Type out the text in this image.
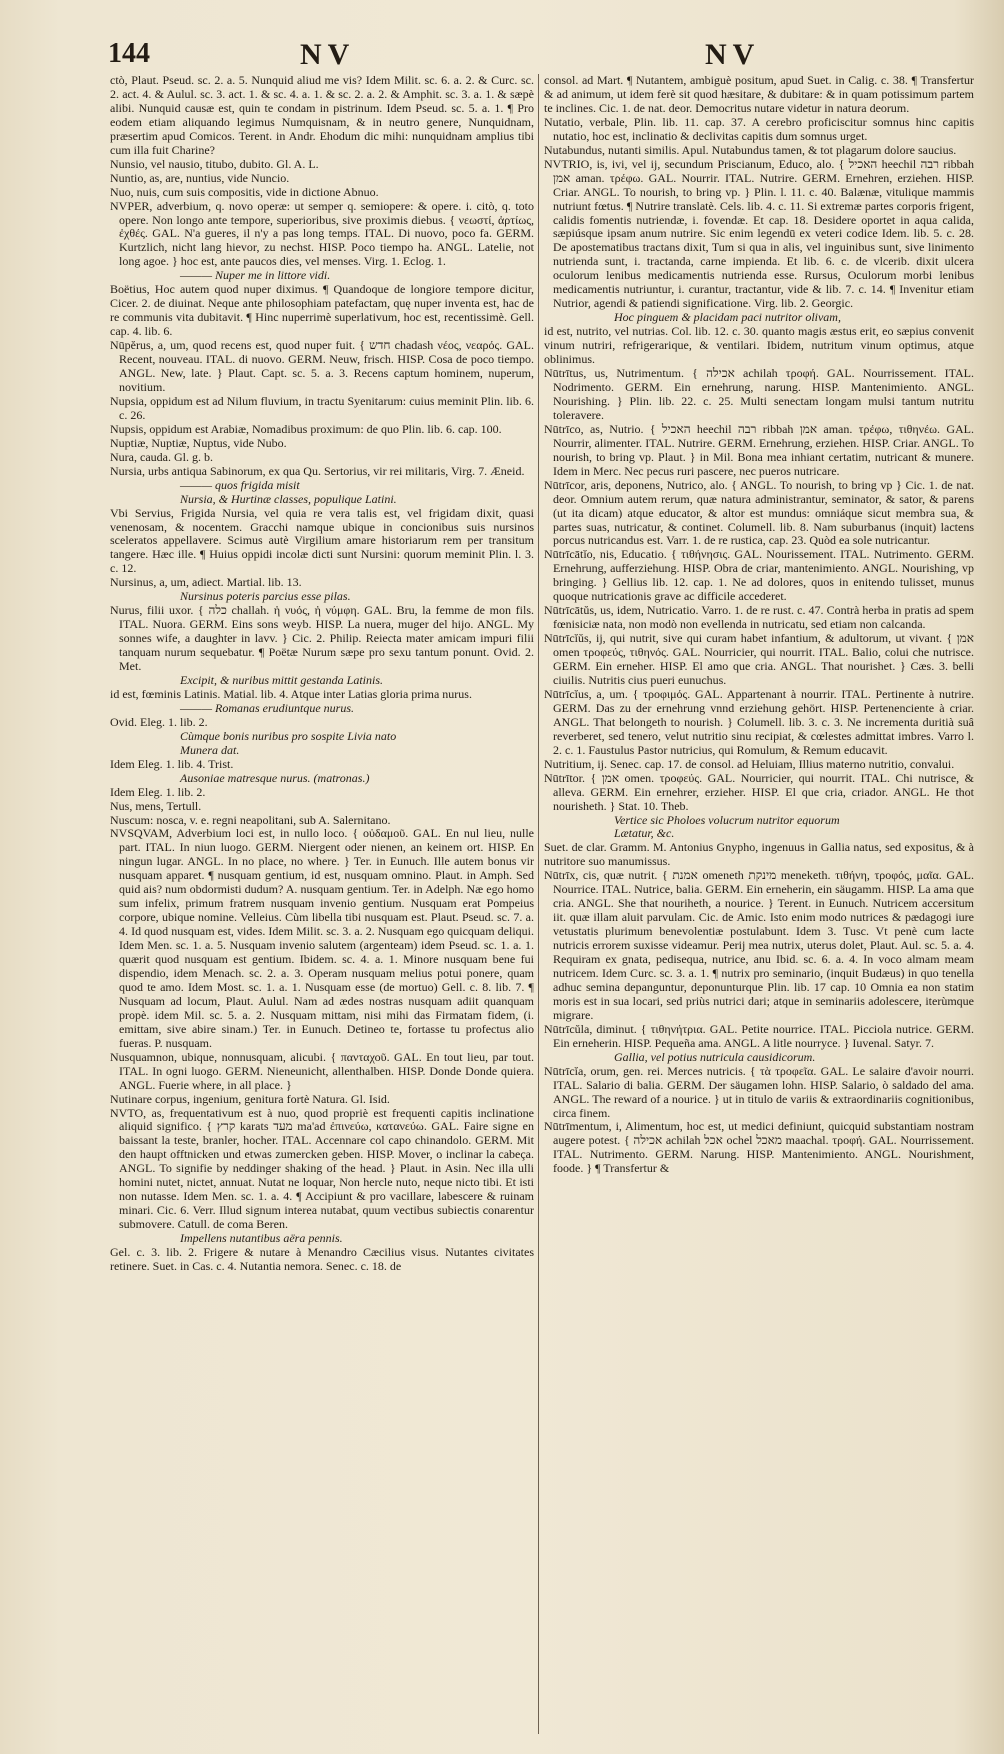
144	NV	NV

ctò, Plaut. Pseud. sc. 2. a. 5. Nunquid aliud me vis? Idem Milit. sc. 6. a. 2. & Curc. sc. 2. act. 4. & Aulul. sc. 3. act. 1. & sc. 4. a. 1. & sc. 2. a. 2. & Amphit. sc. 3. a. 1. & sæpè alibi. Nunquid causæ est, quin te condam in pistrinum. Idem Pseud. sc. 5. a. 1. ¶ Pro eodem etiam aliquando legimus Numquisnam, & in neutro genere, Nunquidnam, præsertim apud Comicos. Terent. in Andr. Ehodum dic mihi: nunquidnam amplius tibi cum illa fuit Charine?

Nunsio, vel nausio, titubo, dubito. Gl. A. L.

Nuntio, as, are, nuntius, vide Nuncio.

Nuo, nuis, cum suis compositis, vide in dictione Abnuo.

NVPER, adverbium, q. novo operæ: ut semper q. semiopere: & opere. i. citò, q. toto opere. Non longo ante tempore, superioribus, sive proximis diebus. { νεωστί, ἀρτίως, ἐχθές. GAL. N'a gueres, il n'y a pas long temps. ITAL. Di nuovo, poco fa. GERM. Kurtzlich, nicht lang hievor, zu nechst. HISP. Poco tiempo ha. ANGL. Latelie, not long agoe. } hoc est, ante paucos dies, vel menses. Virg. 1. Eclog. 1.

——— Nuper me in littore vidi.

Boëtius, Hoc autem quod nuper diximus. ¶ Quandoque de longiore tempore dicitur, Cicer. 2. de diuinat. Neque ante philosophiam patefactam, quę nuper inventa est, hac de re communis vita dubitavit. ¶ Hinc nuperrimè superlativum, hoc est, recentissimè. Gell. cap. 4. lib. 6.

Nūpĕrus, a, um, quod recens est, quod nuper fuit. { חדש chadash νέος, νεαρός. GAL. Recent, nouveau. ITAL. di nuovo. GERM. Neuw, frisch. HISP. Cosa de poco tiempo. ANGL. New, late. } Plaut. Capt. sc. 5. a. 3. Recens captum hominem, nuperum, novitium.

Nupsia, oppidum est ad Nilum fluvium, in tractu Syenitarum: cuius meminit Plin. lib. 6. c. 26.

Nupsis, oppidum est Arabiæ, Nomadibus proximum: de quo Plin. lib. 6. cap. 100.

Nuptiæ, Nuptiæ, Nuptus, vide Nubo.

Nura, cauda. Gl. g. b.

Nursia, urbs antiqua Sabinorum, ex qua Qu. Sertorius, vir rei militaris, Virg. 7. Æneid.

——— quos frigida misit

Nursia, & Hurtinæ classes, populique Latini.

Vbi Servius, Frigida Nursia, vel quia re vera talis est, vel frigidam dixit, quasi venenosam, & nocentem. Gracchi namque ubique in concionibus suis nursinos sceleratos appellavere. Scimus autè Virgilium amare historiarum rem per transitum tangere. Hæc ille. ¶ Huius oppidi incolæ dicti sunt Nursini: quorum meminit Plin. l. 3. c. 12.

Nursinus, a, um, adiect. Martial. lib. 13.

Nursinus poteris parcius esse pilas.

Nurus, filii uxor. { כלה challah. ἡ νυός, ἡ νύμφη. GAL. Bru, la femme de mon fils. ITAL. Nuora. GERM. Eins sons weyb. HISP. La nuera, muger del hijo. ANGL. My sonnes wife, a daughter in lavv. } Cic. 2. Philip. Reiecta mater amicam impuri filii tanquam nurum sequebatur. ¶ Poëtæ Nurum sæpe pro sexu tantum ponunt. Ovid. 2. Met.

Excipit, & nuribus mittit gestanda Latinis.

id est, fœminis Latinis. Matial. lib. 4. Atque inter Latias gloria prima nurus.

——— Romanas erudiuntque nurus.

Ovid. Eleg. 1. lib. 2.

Cùmque bonis nuribus pro sospite Livia nato

Munera dat.

Idem Eleg. 1. lib. 4. Trist.

Ausoniae matresque nurus. (matronas.)

Idem Eleg. 1. lib. 2.

Nus, mens, Tertull.

Nuscum: nosca, v. e. regni neapolitani, sub A. Salernitano.

NVSQVAM, Adverbium loci est, in nullo loco. { οὐδαμοῦ. GAL. En nul lieu, nulle part. ITAL. In niun luogo. GERM. Niergent oder nienen, an keinem ort. HISP. En ningun lugar. ANGL. In no place, no where. } Ter. in Eunuch. Ille autem bonus vir nusquam apparet. ¶ nusquam gentium, id est, nusquam omnino. Plaut. in Amph. Sed quid ais? num obdormisti dudum? A. nusquam gentium. Ter. in Adelph. Næ ego homo sum infelix, primum fratrem nusquam invenio gentium. Nusquam erat Pompeius corpore, ubique nomine. Velleius. Cùm libella tibi nusquam est. Plaut. Pseud. sc. 7. a. 4. Id quod nusquam est, vides. Idem Milit. sc. 3. a. 2. Nusquam ego quicquam deliqui. Idem Men. sc. 1. a. 5. Nusquam invenio salutem (argenteam) idem Pseud. sc. 1. a. 1. quærit quod nusquam est gentium. Ibidem. sc. 4. a. 1. Minore nusquam bene fui dispendio, idem Menach. sc. 2. a. 3. Operam nusquam melius potui ponere, quam quod te amo. Idem Most. sc. 1. a. 1. Nusquam esse (de mortuo) Gell. c. 8. lib. 7. ¶ Nusquam ad locum, Plaut. Aulul. Nam ad ædes nostras nusquam adiit quanquam propè. idem Mil. sc. 5. a. 2. Nusquam mittam, nisi mihi das Firmatam fidem, (i. emittam, sive abire sinam.) Ter. in Eunuch. Detineo te, fortasse tu profectus alio fueras. P. nusquam.

Nusquamnon, ubique, nonnusquam, alicubi. { πανταχοῦ. GAL. En tout lieu, par tout. ITAL. In ogni luogo. GERM. Nieneunicht, allenthalben. HISP. Donde Donde quiera. ANGL. Fuerie where, in all place. }

Nutinare corpus, ingenium, genitura fortè Natura. Gl. Isid.

NVTO, as, frequentativum est à nuo, quod propriè est frequenti capitis inclinatione aliquid significo. { קרץ karats מעד ma'ad ἐπινεύω, κατανεύω. GAL. Faire signe en baissant la teste, branler, hocher. ITAL. Accennare col capo chinandolo. GERM. Mit den haupt offtnicken und etwas zumercken geben. HISP. Mover, o inclinar la cabeça. ANGL. To signifie by neddinger shaking of the head. } Plaut. in Asin. Nec illa ulli homini nutet, nictet, annuat. Nutat ne loquar, Non hercle nuto, neque nicto tibi. Et isti non nutasse. Idem Men. sc. 1. a. 4. ¶ Accipiunt & pro vacillare, labescere & ruinam minari. Cic. 6. Verr. Illud signum interea nutabat, quum vectibus subiectis conarentur submovere. Catull. de coma Beren.

Impellens nutantibus aëra pennis.

Gel. c. 3. lib. 2. Frigere & nutare à Menandro Cæcilius visus. Nutantes civitates retinere. Suet. in Cas. c. 4. Nutantia nemora. Senec. c. 18. de

consol. ad Mart. ¶ Nutantem, ambiguè positum, apud Suet. in Calig. c. 38. ¶ Transfertur & ad animum, ut idem ferè sit quod hæsitare, & dubitare: & in quam potissimum partem te inclines. Cic. 1. de nat. deor. Democritus nutare videtur in natura deorum.

Nutatio, verbale, Plin. lib. 11. cap. 37. A cerebro proficiscitur somnus hinc capitis nutatio, hoc est, inclinatio & declivitas capitis dum somnus urget.

Nutabundus, nutanti similis. Apul. Nutabundus tamen, & tot plagarum dolore saucius.

NVTRIO, is, ivi, vel ij, secundum Priscianum, Educo, alo. { האכיל heechil רבה ribbah אמן aman. τρέφω. GAL. Nourrir. ITAL. Nutrire. GERM. Ernehren, erziehen. HISP. Criar. ANGL. To nourish, to bring vp. } Plin. l. 11. c. 40. Balænæ, vitulique mammis nutriunt fœtus. ¶ Nutrire translatè. Cels. lib. 4. c. 11. Si extremæ partes corporis frigent, calidis fomentis nutriendæ, i. fovendæ. Et cap. 18. Desidere oportet in aqua calida, sæpiúsque ipsam anum nutrire. Sic enim legendū ex veteri codice Idem. lib. 5. c. 28. De apostematibus tractans dixit, Tum si qua in alis, vel inguinibus sunt, sive linimento nutrienda sunt, i. tractanda, carne impienda. Et lib. 6. c. de vlcerib. dixit ulcera oculorum lenibus medicamentis nutrienda esse. Rursus, Oculorum morbi lenibus medicamentis nutriuntur, i. curantur, tractantur, vide & lib. 7. c. 14. ¶ Invenitur etiam Nutrior, agendi & patiendi significatione. Virg. lib. 2. Georgic.

Hoc pinguem & placidam paci nutritor olivam,

id est, nutrito, vel nutrias. Col. lib. 12. c. 30. quanto magis æstus erit, eo sæpius convenit vinum nutriri, refrigerarique, & ventilari. Ibidem, nutritum vinum optimus, atque oblinimus.

Nūtrītus, us, Nutrimentum. { אכילה achilah τροφή. GAL. Nourrissement. ITAL. Nodrimento. GERM. Ein ernehrung, narung. HISP. Mantenimiento. ANGL. Nourishing. } Plin. lib. 22. c. 25. Multi senectam longam mulsi tantum nutritu toleravere.

Nūtrīco, as, Nutrio. { האכיל heechil רבה ribbah אמן aman. τρέφω, τιθηνέω. GAL. Nourrir, alimenter. ITAL. Nutrire. GERM. Ernehrung, erziehen. HISP. Criar. ANGL. To nourish, to bring vp. Plaut. } in Mil. Bona mea inhiant certatim, nutricant & munere. Idem in Merc. Nec pecus ruri pascere, nec pueros nutricare.

Nūtrīcor, aris, deponens, Nutrico, alo. { ANGL. To nourish, to bring vp } Cic. 1. de nat. deor. Omnium autem rerum, quæ natura administrantur, seminator, & sator, & parens (ut ita dicam) atque educator, & altor est mundus: omniáque sicut membra sua, & partes suas, nutricatur, & continet. Columell. lib. 8. Nam suburbanus (inquit) lactens porcus nutricandus est. Varr. 1. de re rustica, cap. 23. Quòd ea sole nutricantur.

Nūtrīcātĭo, nis, Educatio. { τιθήνησις. GAL. Nourissement. ITAL. Nutrimento. GERM. Ernehrung, aufferziehung. HISP. Obra de criar, mantenimiento. ANGL. Nourishing, vp bringing. } Gellius lib. 12. cap. 1. Ne ad dolores, quos in enitendo tulisset, munus quoque nutricationis grave ac difficile accederet.

Nūtrīcātŭs, us, idem, Nutricatio. Varro. 1. de re rust. c. 47. Contrà herba in pratis ad spem fœnisiciæ nata, non modò non evellenda in nutricatu, sed etiam non calcanda.

Nūtrīcĭŭs, ij, qui nutrit, sive qui curam habet infantium, & adultorum, ut vivant. { אמן omen τροφεύς, τιθηνός. GAL. Nourricier, qui nourrit. ITAL. Balio, colui che nutrisce. GERM. Ein erneher. HISP. El amo que cria. ANGL. That nourishet. } Cæs. 3. belli ciuilis. Nutritis cius pueri eunuchus.

Nūtrīcĭus, a, um. { τροφιμός. GAL. Appartenant à nourrir. ITAL. Pertinente à nutrire. GERM. Das zu der ernehrung vnnd erziehung gehört. HISP. Pertenenciente à criar. ANGL. That belongeth to nourish. } Columell. lib. 3. c. 3. Ne incrementa duritià suâ reverberet, sed tenero, velut nutritio sinu recipiat, & cœlestes admittat imbres. Varro l. 2. c. 1. Faustulus Pastor nutricius, qui Romulum, & Remum educavit.

Nutritium, ij. Senec. cap. 17. de consol. ad Heluiam, Illius materno nutritio, convalui.

Nūtrītor. { אמן omen. τροφεύς. GAL. Nourricier, qui nourrit. ITAL. Chi nutrisce, & alleva. GERM. Ein ernehrer, erzieher. HISP. El que cria, criador. ANGL. He thot nourisheth. } Stat. 10. Theb.

Vertice sic Pholoes volucrum nutritor equorum

Lætatur, &c.

Suet. de clar. Gramm. M. Antonius Gnypho, ingenuus in Gallia natus, sed expositus, & à nutritore suo manumissus.

Nūtrīx, cis, quæ nutrit. { אמנת omeneth מינקת meneketh. τιθήνη, τροφός, μαῖα. GAL. Nourrice. ITAL. Nutrice, balia. GERM. Ein erneherin, ein säugamm. HISP. La ama que cria. ANGL. She that nouriheth, a nourice. } Terent. in Eunuch. Nutricem accersitum iit. quæ illam aluit parvulam. Cic. de Amic. Isto enim modo nutrices & pædagogi iure vetustatis plurimum benevolentiæ postulabunt. Idem 3. Tusc. Vt penè cum lacte nutricis errorem suxisse videamur. Perij mea nutrix, uterus dolet, Plaut. Aul. sc. 5. a. 4. Requiram ex gnata, pedisequa, nutrice, anu Ibid. sc. 6. a. 4. In voco almam meam nutricem. Idem Curc. sc. 3. a. 1. ¶ nutrix pro seminario, (inquit Budæus) in quo tenella adhuc semina depanguntur, deponunturque Plin. lib. 17 cap. 10 Omnia ea non statim moris est in sua locari, sed priùs nutrici dari; atque in seminariis adolescere, iterùmque migrare.

Nūtrīcŭla, diminut. { τιθηνήτρια. GAL. Petite nourrice. ITAL. Picciola nutrice. GERM. Ein erneherin. HISP. Pequeña ama. ANGL. A litle nourryce. } Iuvenal. Satyr. 7.

Gallia, vel potius nutricula causidicorum.

Nūtrīcĭa, orum, gen. rei. Merces nutricis. { τὰ τροφεῖα. GAL. Le salaire d'avoir nourri. ITAL. Salario di balia. GERM. Der säugamen lohn. HISP. Salario, ò saldado del ama. ANGL. The reward of a nourice. } ut in titulo de variis & extraordinariis cognitionibus, circa finem.

Nūtrīmentum, i, Alimentum, hoc est, ut medici definiunt, quicquid substantiam nostram augere potest. { אכילה achilah אכל ochel מאכל maachal. τροφή. GAL. Nourrissement. ITAL. Nutrimento. GERM. Narung. HISP. Mantenimiento. ANGL. Nourishment, foode. } ¶ Transfertur &
